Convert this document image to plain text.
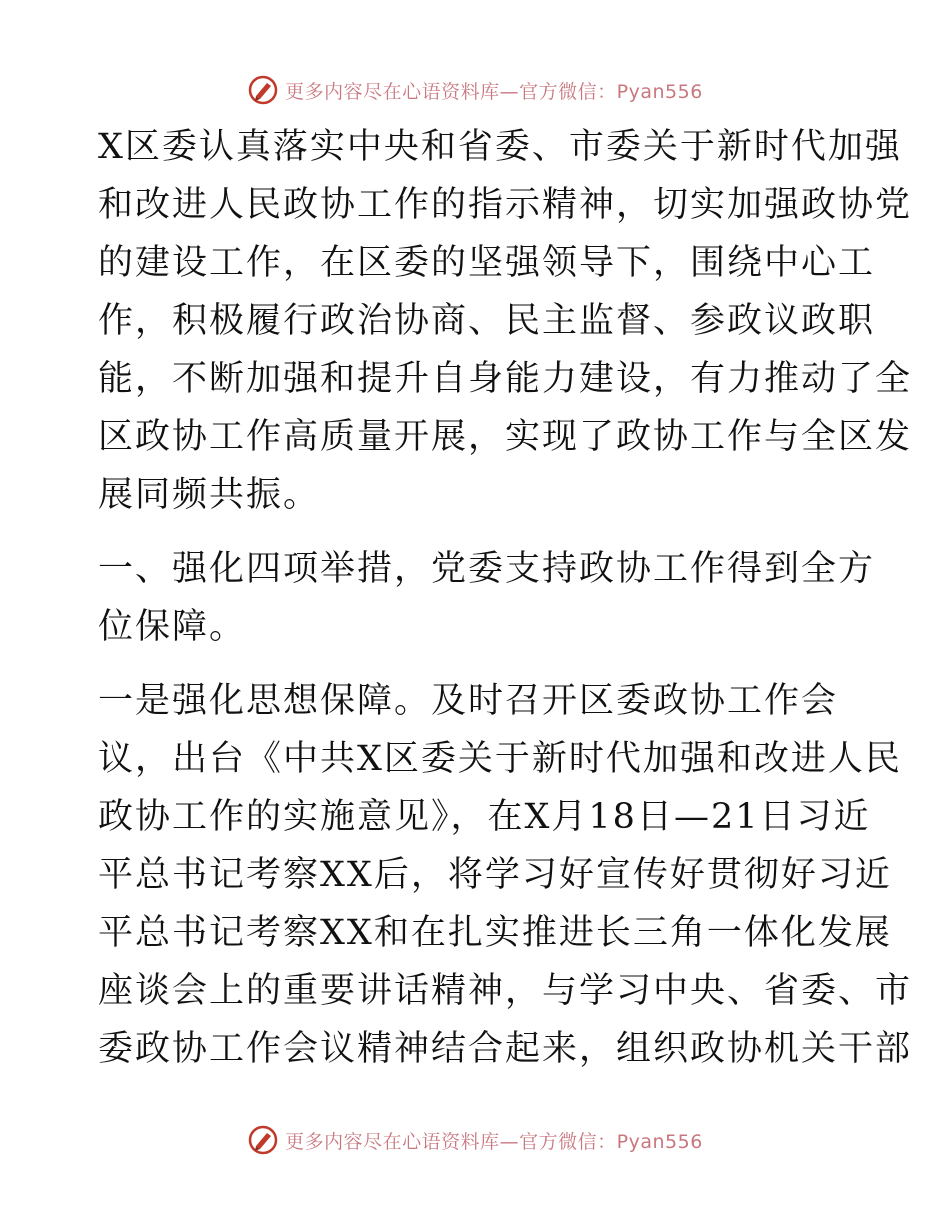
更多内容尽在心语资料库—官方微信：Pyan556

X区委认真落实中央和省委、市委关于新时代加强
和改进人民政协工作的指示精神，切实加强政协党
的建设工作，在区委的坚强领导下，围绕中心工
作，积极履行政治协商、民主监督、参政议政职
能，不断加强和提升自身能力建设，有力推动了全
区政协工作高质量开展，实现了政协工作与全区发
展同频共振。

一、强化四项举措，党委支持政协工作得到全方
位保障。

一是强化思想保障。及时召开区委政协工作会
议，出台《中共X区委关于新时代加强和改进人民
政协工作的实施意见》，在X月18日—21日习近
平总书记考察XX后，将学习好宣传好贯彻好习近
平总书记考察XX和在扎实推进长三角一体化发展
座谈会上的重要讲话精神，与学习中央、省委、市
委政协工作会议精神结合起来，组织政协机关干部

更多内容尽在心语资料库—官方微信：Pyan556
